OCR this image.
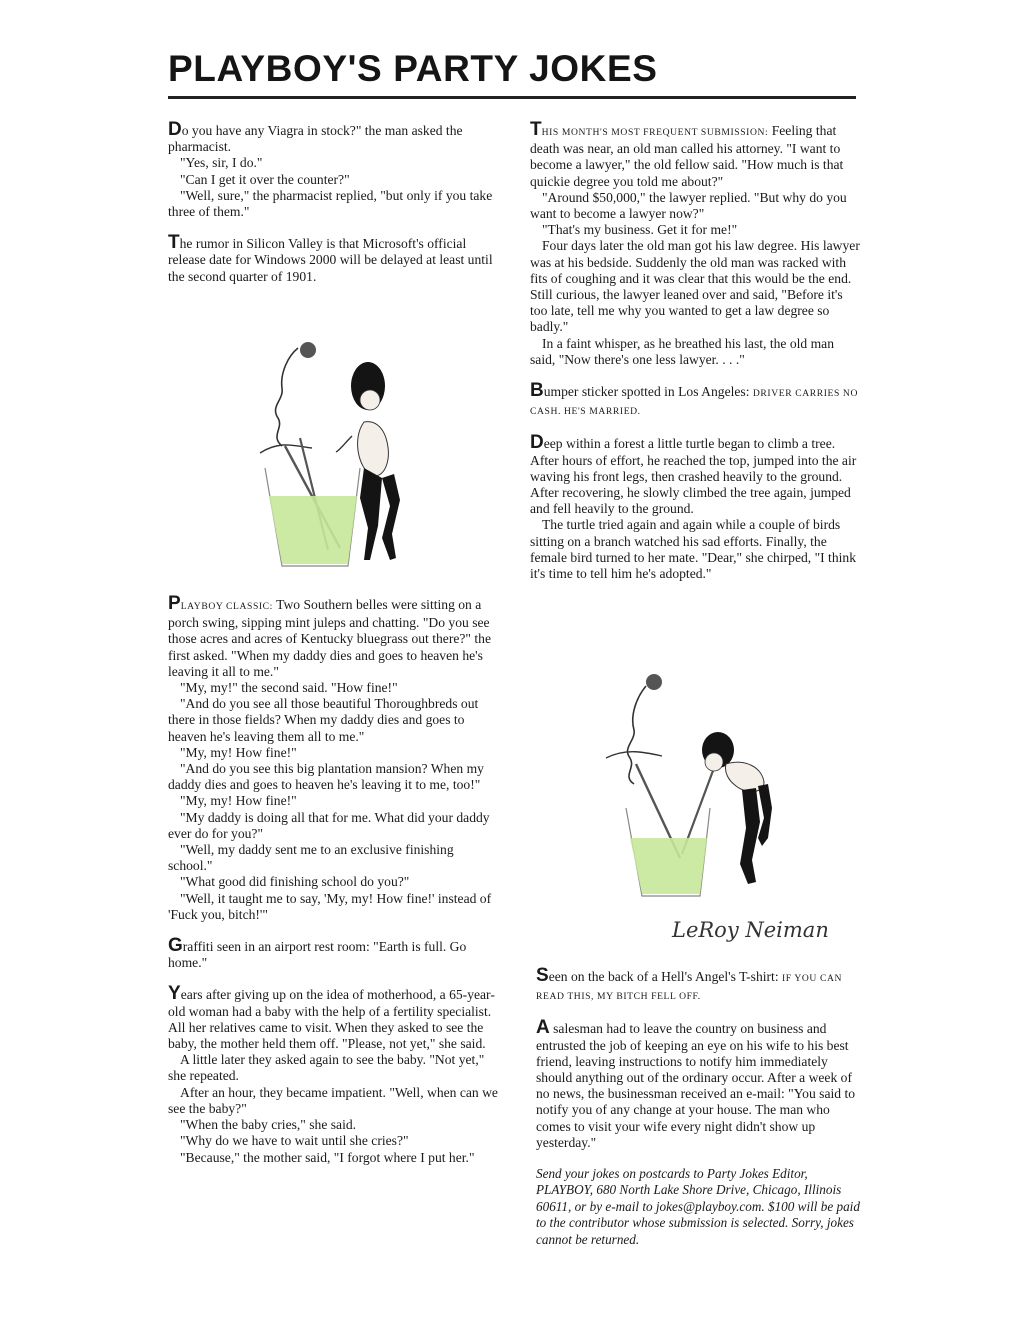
PLAYBOY'S PARTY JOKES

Do you have any Viagra in stock?" the man asked the pharmacist.

"Yes, sir, I do."

"Can I get it over the counter?"

"Well, sure," the pharmacist replied, "but only if you take three of them."

The rumor in Silicon Valley is that Microsoft's official release date for Windows 2000 will be delayed at least until the second quarter of 1901.

PLAYBOY CLASSIC: Two Southern belles were sitting on a porch swing, sipping mint juleps and chatting. "Do you see those acres and acres of Kentucky bluegrass out there?" the first asked. "When my daddy dies and goes to heaven he's leaving it all to me."

"My, my!" the second said. "How fine!"

"And do you see all those beautiful Thoroughbreds out there in those fields? When my daddy dies and goes to heaven he's leaving them all to me."

"My, my! How fine!"

"And do you see this big plantation mansion? When my daddy dies and goes to heaven he's leaving it to me, too!"

"My, my! How fine!"

"My daddy is doing all that for me. What did your daddy ever do for you?"

"Well, my daddy sent me to an exclusive finishing school."

"What good did finishing school do you?"

"Well, it taught me to say, 'My, my! How fine!' instead of 'Fuck you, bitch!'"

Graffiti seen in an airport rest room: "Earth is full. Go home."

Years after giving up on the idea of motherhood, a 65-year-old woman had a baby with the help of a fertility specialist. All her relatives came to visit. When they asked to see the baby, the mother held them off. "Please, not yet," she said.

A little later they asked again to see the baby. "Not yet," she repeated.

After an hour, they became impatient. "Well, when can we see the baby?"

"When the baby cries," she said.

"Why do we have to wait until she cries?"

"Because," the mother said, "I forgot where I put her."

THIS MONTH'S MOST FREQUENT SUBMISSION: Feeling that death was near, an old man called his attorney. "I want to become a lawyer," the old fellow said. "How much is that quickie degree you told me about?"

"Around $50,000," the lawyer replied. "But why do you want to become a lawyer now?"

"That's my business. Get it for me!"

Four days later the old man got his law degree. His lawyer was at his bedside. Suddenly the old man was racked with fits of coughing and it was clear that this would be the end. Still curious, the lawyer leaned over and said, "Before it's too late, tell me why you wanted to get a law degree so badly."

In a faint whisper, as he breathed his last, the old man said, "Now there's one less lawyer. . . ."

Bumper sticker spotted in Los Angeles: DRIVER CARRIES NO CASH. HE'S MARRIED.

Deep within a forest a little turtle began to climb a tree. After hours of effort, he reached the top, jumped into the air waving his front legs, then crashed heavily to the ground. After recovering, he slowly climbed the tree again, jumped and fell heavily to the ground.

The turtle tried again and again while a couple of birds sitting on a branch watched his sad efforts. Finally, the female bird turned to her mate. "Dear," she chirped, "I think it's time to tell him he's adopted."

LeRoy Neiman

Seen on the back of a Hell's Angel's T-shirt: IF YOU CAN READ THIS, MY BITCH FELL OFF.

A salesman had to leave the country on business and entrusted the job of keeping an eye on his wife to his best friend, leaving instructions to notify him immediately should anything out of the ordinary occur. After a week of no news, the businessman received an e-mail: "You said to notify you of any change at your house. The man who comes to visit your wife every night didn't show up yesterday."

Send your jokes on postcards to Party Jokes Editor, PLAYBOY, 680 North Lake Shore Drive, Chicago, Illinois 60611, or by e-mail to jokes@playboy.com. $100 will be paid to the contributor whose submission is selected. Sorry, jokes cannot be returned.
